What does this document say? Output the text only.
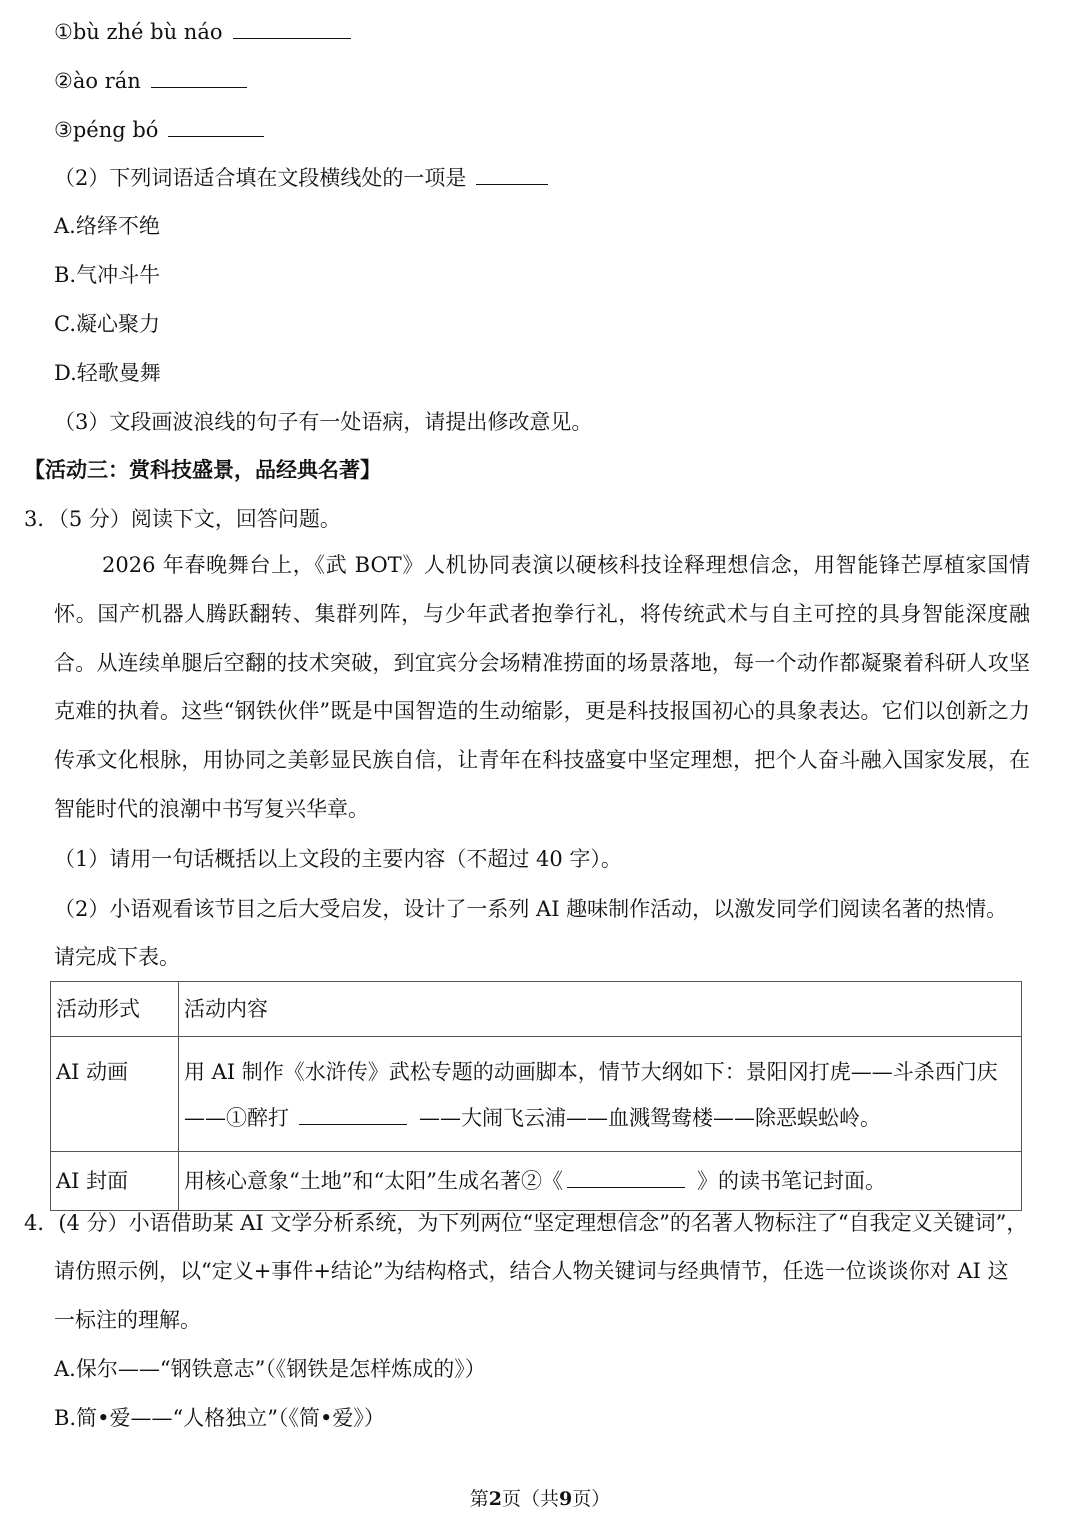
①bù zhé bù náo
②ào rán
③péng bó
（2）下列词语适合填在文段横线处的一项是
A.络绎不绝
B.气冲斗牛
C.凝心聚力
D.轻歌曼舞
（3）文段画波浪线的句子有一处语病，请提出修改意见。
【活动三：赏科技盛景，品经典名著】
3．（5 分）阅读下文，回答问题。
2026 年春晚舞台上，《武 BOT》人机协同表演以硬核科技诠释理想信念，用智能锋芒厚植家国情怀。国产机器人腾跃翻转、集群列阵，与少年武者抱拳行礼，将传统武术与自主可控的具身智能深度融合。从连续单腿后空翻的技术突破，到宜宾分会场精准捞面的场景落地，每一个动作都凝聚着科研人攻坚克难的执着。这些“钢铁伙伴”既是中国智造的生动缩影，更是科技报国初心的具象表达。它们以创新之力传承文化根脉，用协同之美彰显民族自信，让青年在科技盛宴中坚定理想，把个人奋斗融入国家发展，在智能时代的浪潮中书写复兴华章。
（1）请用一句话概括以上文段的主要内容（不超过 40 字）。
（2）小语观看该节目之后大受启发，设计了一系列 AI 趣味制作活动，以激发同学们阅读名著的热情。
请完成下表。
活动形式	活动内容
AI 动画	用 AI 制作《水浒传》武松专题的动画脚本，情节大纲如下：景阳冈打虎——斗杀西门庆
——①醉打 ——大闹飞云浦——血溅鸳鸯楼——除恶蜈蚣岭。
AI 封面	用核心意象“土地”和“太阳”生成名著②《 》的读书笔记封面。
4．(4 分）小语借助某 AI 文学分析系统，为下列两位“坚定理想信念”的名著人物标注了“自我定义关键词”，
请仿照示例，以“定义+事件+结论”为结构格式，结合人物关键词与经典情节，任选一位谈谈你对 AI 这
一标注的理解。
A.保尔——“钢铁意志”（《钢铁是怎样炼成的》）
B.简•爱——“人格独立”（《简•爱》）
第2页（共9页）
